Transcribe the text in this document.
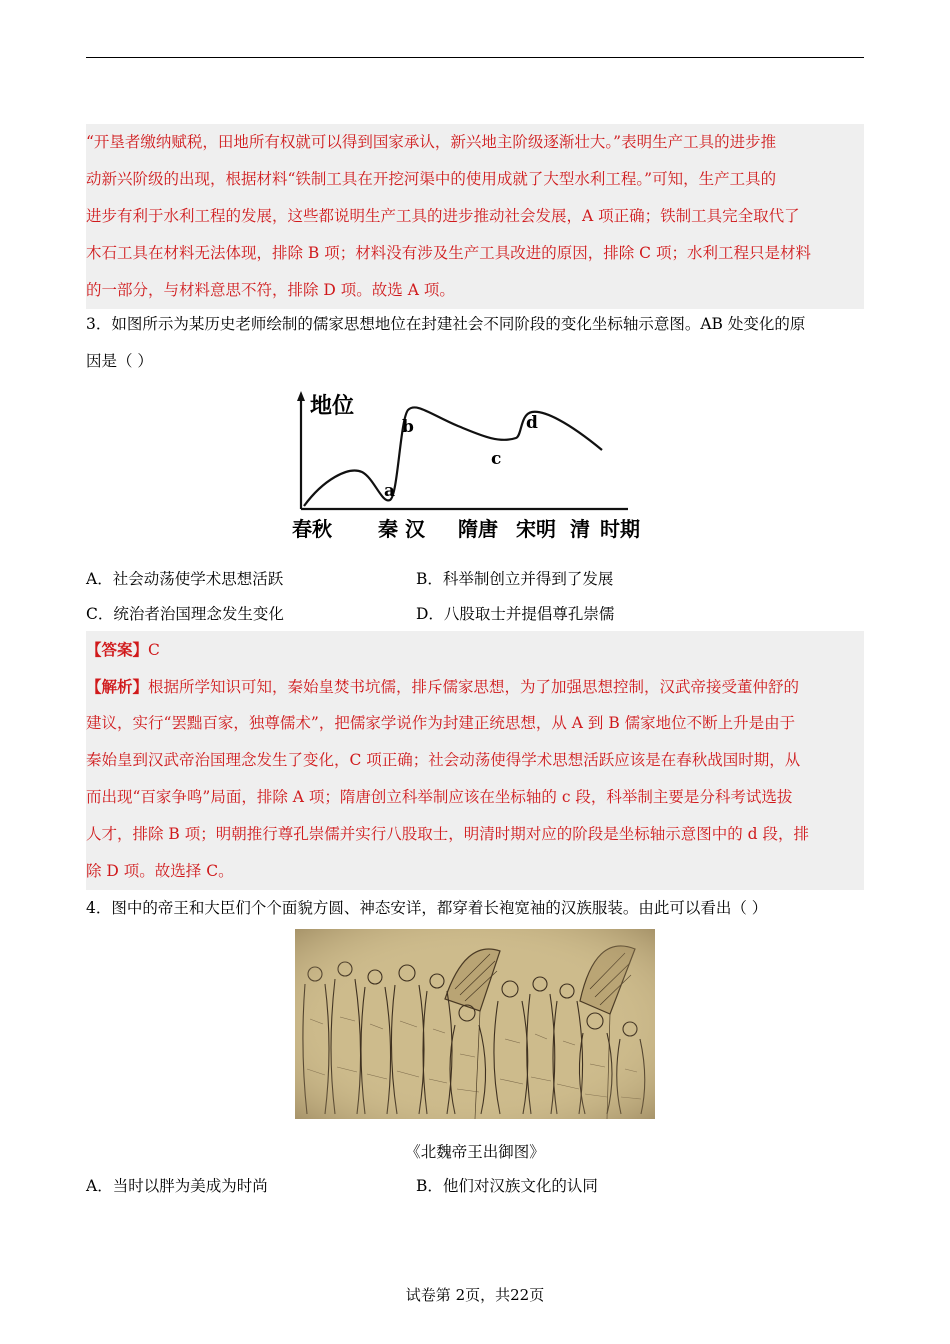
“开垦者缴纳赋税，田地所有权就可以得到国家承认，新兴地主阶级逐渐壮大。”表明生产工具的进步推
动新兴阶级的出现，根据材料“铁制工具在开挖河渠中的使用成就了大型水利工程。”可知，生产工具的
进步有利于水利工程的发展，这些都说明生产工具的进步推动社会发展，A 项正确；铁制工具完全取代了
木石工具在材料无法体现，排除 B 项；材料没有涉及生产工具改进的原因，排除 C 项；水利工程只是材料
的一部分，与材料意思不符，排除 D 项。故选 A 项。
3．如图所示为某历史老师绘制的儒家思想地位在封建社会不同阶段的变化坐标轴示意图。AB 处变化的原
因是（ ）
地位
a
b
c
d
春秋 秦 汉 隋唐 宋明 清 时期
A．社会动荡使学术思想活跃	B．科举制创立并得到了发展
C．统治者治国理念发生变化	D．八股取士并提倡尊孔崇儒
【答案】C
【解析】根据所学知识可知，秦始皇焚书坑儒，排斥儒家思想，为了加强思想控制，汉武帝接受董仲舒的
建议，实行“罢黜百家，独尊儒术”，把儒家学说作为封建正统思想，从 A 到 B 儒家地位不断上升是由于
秦始皇到汉武帝治国理念发生了变化，C 项正确；社会动荡使得学术思想活跃应该是在春秋战国时期，从
而出现“百家争鸣”局面，排除 A 项；隋唐创立科举制应该在坐标轴的 c 段，科举制主要是分科考试选拔
人才，排除 B 项；明朝推行尊孔崇儒并实行八股取士，明清时期对应的阶段是坐标轴示意图中的 d 段，排
除 D 项。故选择 C。
4．图中的帝王和大臣们个个面貌方圆、神态安详，都穿着长袍宽袖的汉族服装。由此可以看出（ ）
《北魏帝王出御图》
A．当时以胖为美成为时尚	B．他们对汉族文化的认同
试卷第 2页，共22页
